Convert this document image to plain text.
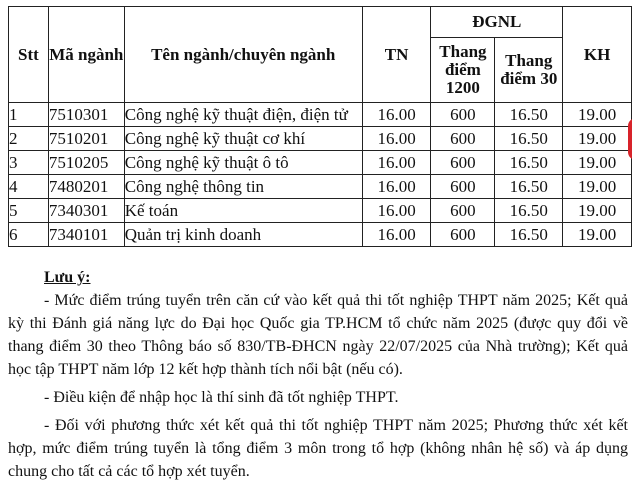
Stt	Mã ngành	Tên ngành/chuyên ngành	TN	ĐGNL		KH
				Thang điểm 1200	Thang điểm 30	
1	7510301	Công nghệ kỹ thuật điện, điện tử	16.00	600	16.50	19.00
2	7510201	Công nghệ kỹ thuật cơ khí	16.00	600	16.50	19.00
3	7510205	Công nghệ kỹ thuật ô tô	16.00	600	16.50	19.00
4	7480201	Công nghệ thông tin	16.00	600	16.50	19.00
5	7340301	Kế toán	16.00	600	16.50	19.00
6	7340101	Quản trị kinh doanh	16.00	600	16.50	19.00

Lưu ý:

- Mức điểm trúng tuyển trên căn cứ vào kết quả thi tốt nghiệp THPT năm 2025; Kết quả kỳ thi Đánh giá năng lực do Đại học Quốc gia TP.HCM tổ chức năm 2025 (được quy đổi về thang điểm 30 theo Thông báo số 830/TB-ĐHCN ngày 22/07/2025 của Nhà trường); Kết quả học tập THPT năm lớp 12 kết hợp thành tích nổi bật (nếu có).

- Điều kiện để nhập học là thí sinh đã tốt nghiệp THPT.

- Đối với phương thức xét kết quả thi tốt nghiệp THPT năm 2025; Phương thức xét kết hợp, mức điểm trúng tuyển là tổng điểm 3 môn trong tổ hợp (không nhân hệ số) và áp dụng chung cho tất cả các tổ hợp xét tuyển.
